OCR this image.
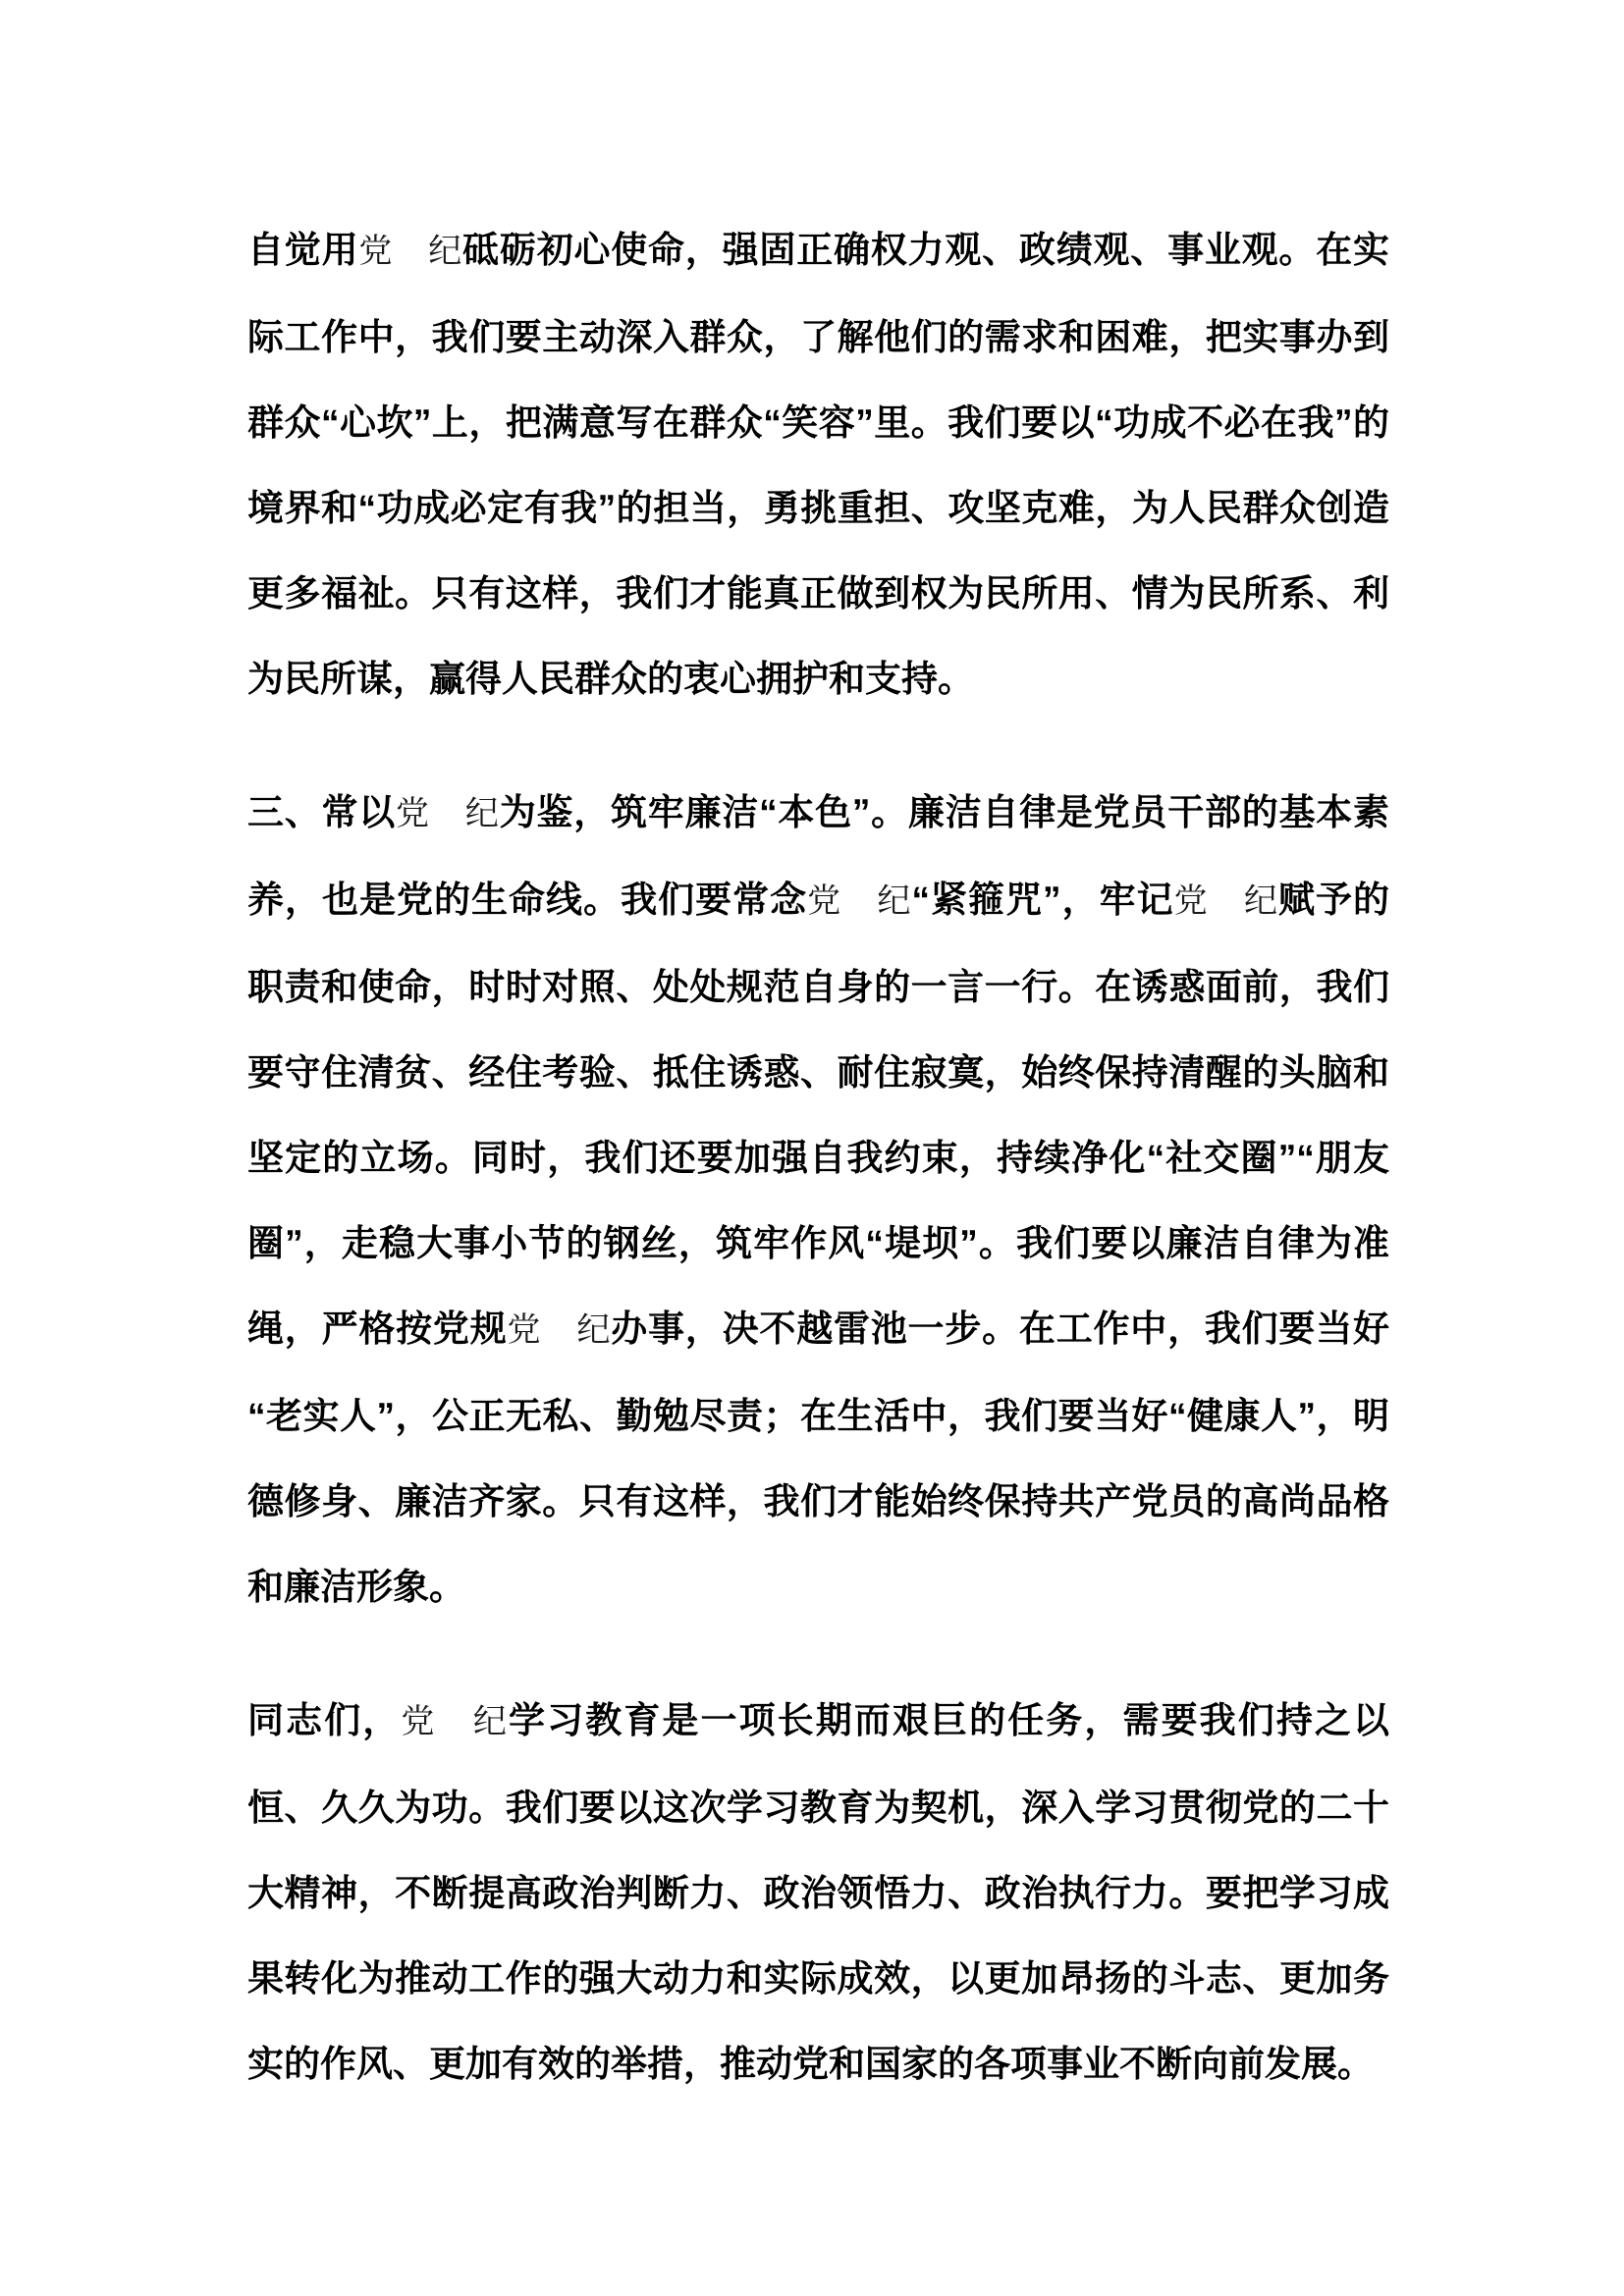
自觉用党 纪砥砺初心使命，强固正确权力观、政绩观、事业观。在实际工作中，我们要主动深入群众，了解他们的需求和困难，把实事办到群众“心坎”上，把满意写在群众“笑容”里。我们要以“功成不必在我”的境界和“功成必定有我”的担当，勇挑重担、攻坚克难，为人民群众创造更多福祉。只有这样，我们才能真正做到权为民所用、情为民所系、利为民所谋，赢得人民群众的衷心拥护和支持。

三、常以党 纪为鉴，筑牢廉洁“本色”。廉洁自律是党员干部的基本素养，也是党的生命线。我们要常念党 纪“紧箍咒”，牢记党 纪赋予的职责和使命，时时对照、处处规范自身的一言一行。在诱惑面前，我们要守住清贫、经住考验、抵住诱惑、耐住寂寞，始终保持清醒的头脑和坚定的立场。同时，我们还要加强自我约束，持续净化“社交圈”“朋友圈”，走稳大事小节的钢丝，筑牢作风“堤坝”。我们要以廉洁自律为准绳，严格按党规党 纪办事，决不越雷池一步。在工作中，我们要当好“老实人”，公正无私、勤勉尽责；在生活中，我们要当好“健康人”，明德修身、廉洁齐家。只有这样，我们才能始终保持共产党员的高尚品格和廉洁形象。

同志们，党 纪学习教育是一项长期而艰巨的任务，需要我们持之以恒、久久为功。我们要以这次学习教育为契机，深入学习贯彻党的二十大精神，不断提高政治判断力、政治领悟力、政治执行力。要把学习成果转化为推动工作的强大动力和实际成效，以更加昂扬的斗志、更加务实的作风、更加有效的举措，推动党和国家的各项事业不断向前发展。
